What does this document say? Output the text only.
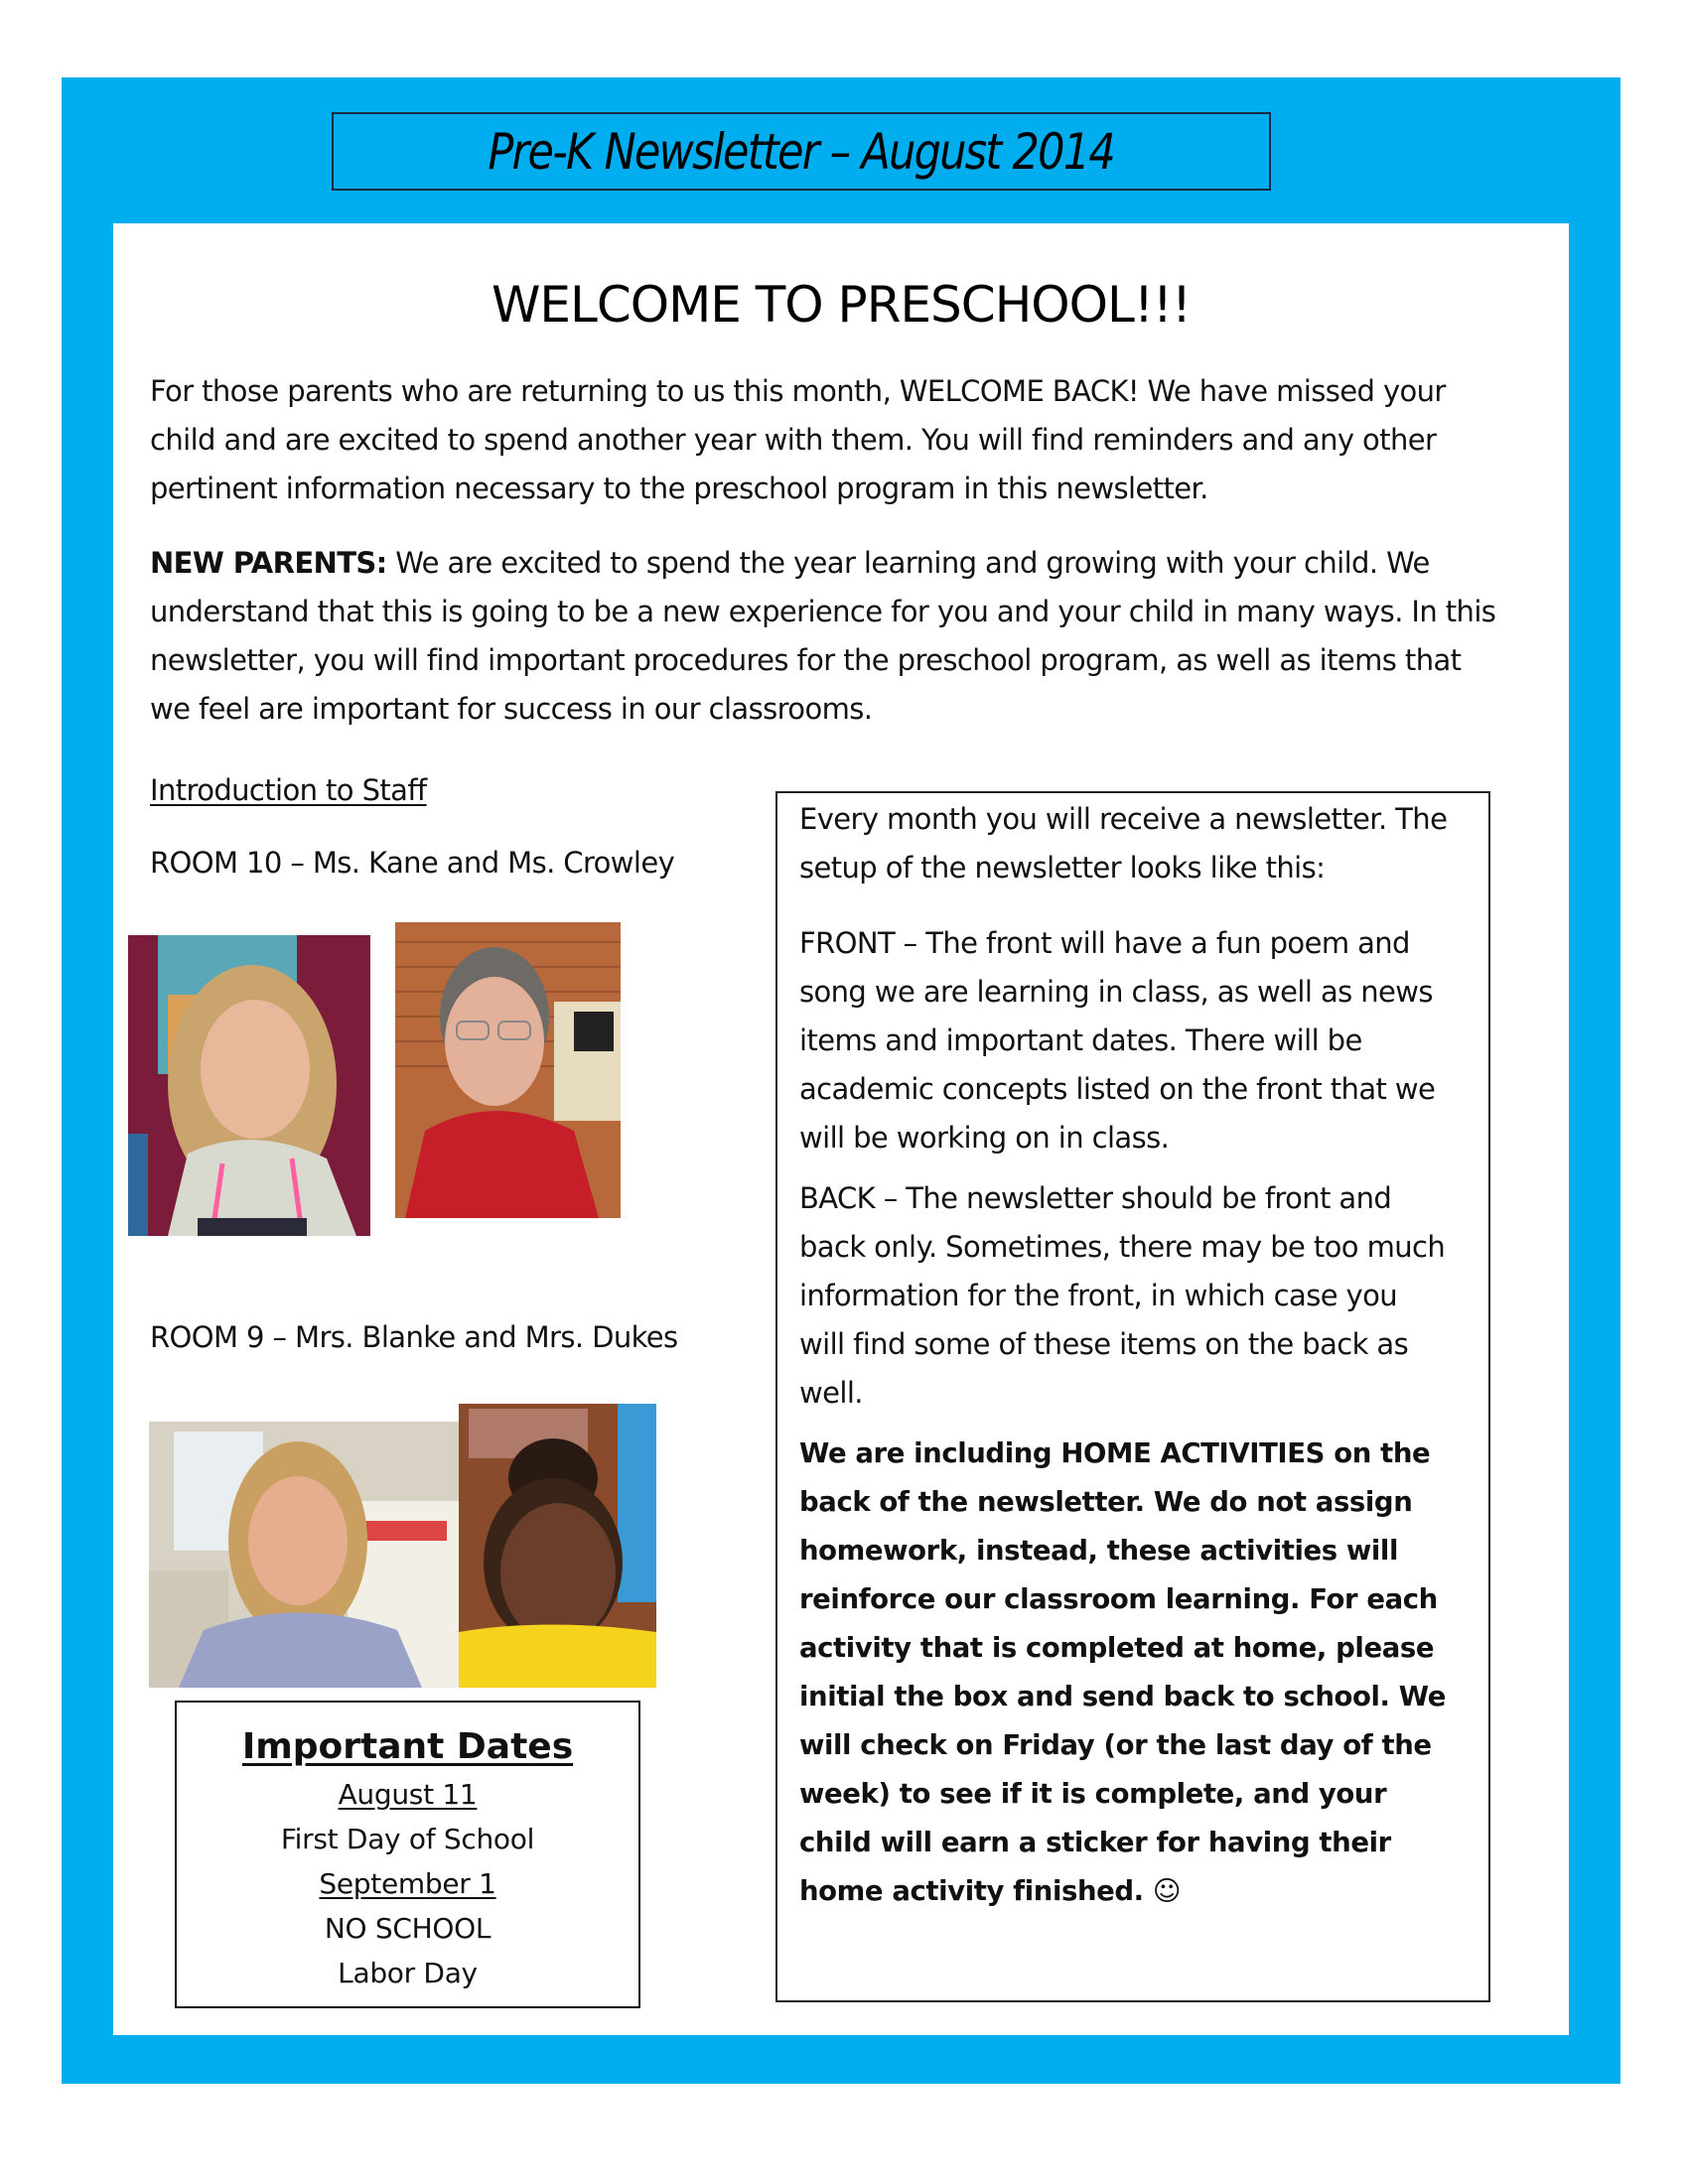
Pre-K Newsletter – August 2014
WELCOME TO PRESCHOOL!!!
For those parents who are returning to us this month, WELCOME BACK! We have missed your
child and are excited to spend another year with them. You will find reminders and any other
pertinent information necessary to the preschool program in this newsletter.
NEW PARENTS: We are excited to spend the year learning and growing with your child. We
understand that this is going to be a new experience for you and your child in many ways. In this
newsletter, you will find important procedures for the preschool program, as well as items that
we feel are important for success in our classrooms.
Introduction to Staff
ROOM 10 – Ms. Kane and Ms. Crowley
ROOM 9 – Mrs. Blanke and Mrs. Dukes
Important Dates
August 11
First Day of School
September 1
NO SCHOOL
Labor Day
Every month you will receive a newsletter. The
setup of the newsletter looks like this:
FRONT – The front will have a fun poem and
song we are learning in class, as well as news
items and important dates. There will be
academic concepts listed on the front that we
will be working on in class.
BACK – The newsletter should be front and
back only. Sometimes, there may be too much
information for the front, in which case you
will find some of these items on the back as
well.
We are including HOME ACTIVITIES on the
back of the newsletter. We do not assign
homework, instead, these activities will
reinforce our classroom learning. For each
activity that is completed at home, please
initial the box and send back to school. We
will check on Friday (or the last day of the
week) to see if it is complete, and your
child will earn a sticker for having their
home activity finished. ☺
